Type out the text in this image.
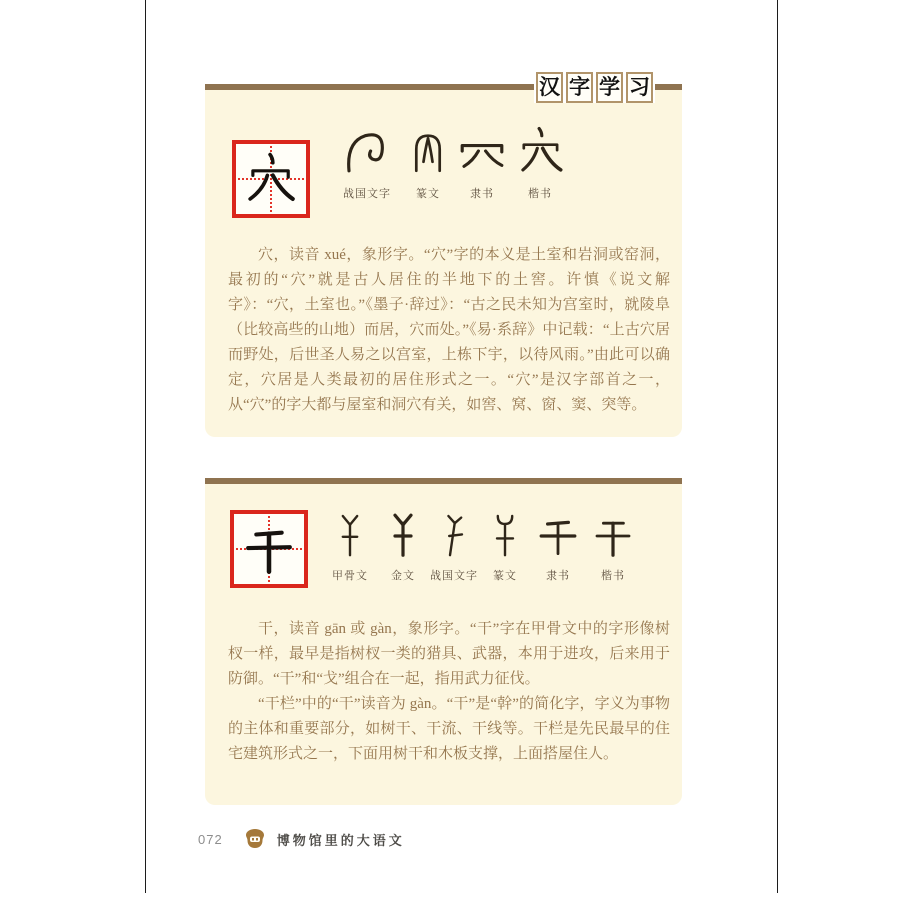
汉 字 学 习
战国文字	篆文	隶书	楷书

穴，读音 xué，象形字。“穴”字的本义是土室和岩洞或窑洞，最初的“穴”就是古人居住的半地下的土窖。许慎《说文解字》：“穴，土室也。”《墨子·辞过》：“古之民未知为宫室时，就陵阜（比较高些的山地）而居，穴而处。”《易·系辞》中记载：“上古穴居而野处，后世圣人易之以宫室，上栋下宇，以待风雨。”由此可以确定，穴居是人类最初的居住形式之一。“穴”是汉字部首之一，从“穴”的字大都与屋室和洞穴有关，如窖、窝、窗、窦、突等。

甲骨文	金文	战国文字	篆文	隶书	楷书

干，读音 gān 或 gàn，象形字。“干”字在甲骨文中的字形像树杈一样，最早是指树杈一类的猎具、武器，本用于进攻，后来用于防御。“干”和“戈”组合在一起，指用武力征伐。

“干栏”中的“干”读音为 gàn。“干”是“幹”的简化字，字义为事物的主体和重要部分，如树干、干流、干线等。干栏是先民最早的住宅建筑形式之一，下面用树干和木板支撑，上面搭屋住人。

072	博物馆里的大语文
